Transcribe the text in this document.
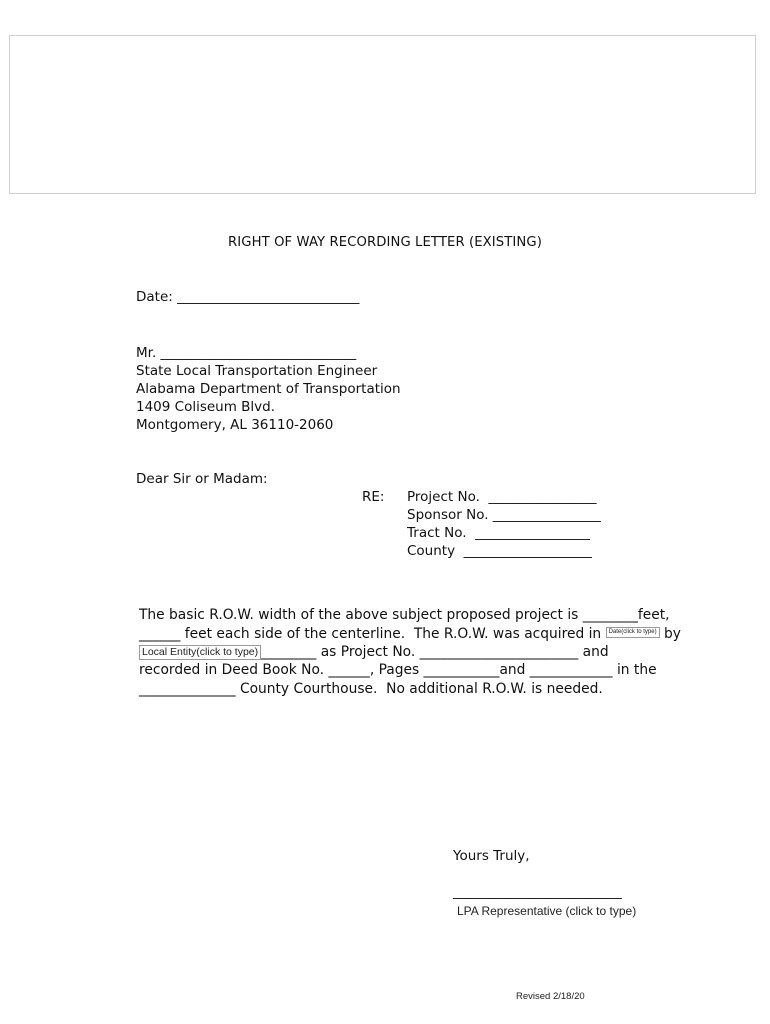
RIGHT OF WAY RECORDING LETTER (EXISTING)
Date: ___________________________
Mr. _____________________________
State Local Transportation Engineer
Alabama Department of Transportation
1409 Coliseum Blvd.
Montgomery, AL 36110-2060
Dear Sir or Madam:
RE: Project No.  ________________
Sponsor No. ________________
Tract No.  _________________
County  ___________________
The basic R.O.W. width of the above subject proposed project is ________feet,
______ feet each side of the centerline.  The R.O.W. was acquired in Date(click to type) by
Local Entity(click to type) ________ as Project No. _______________________ and
recorded in Deed Book No. ______, Pages ___________and ____________ in the
______________ County Courthouse.  No additional R.O.W. is needed.
Yours Truly,
_________________________
LPA Representative (click to type)
Revised 2/18/20
